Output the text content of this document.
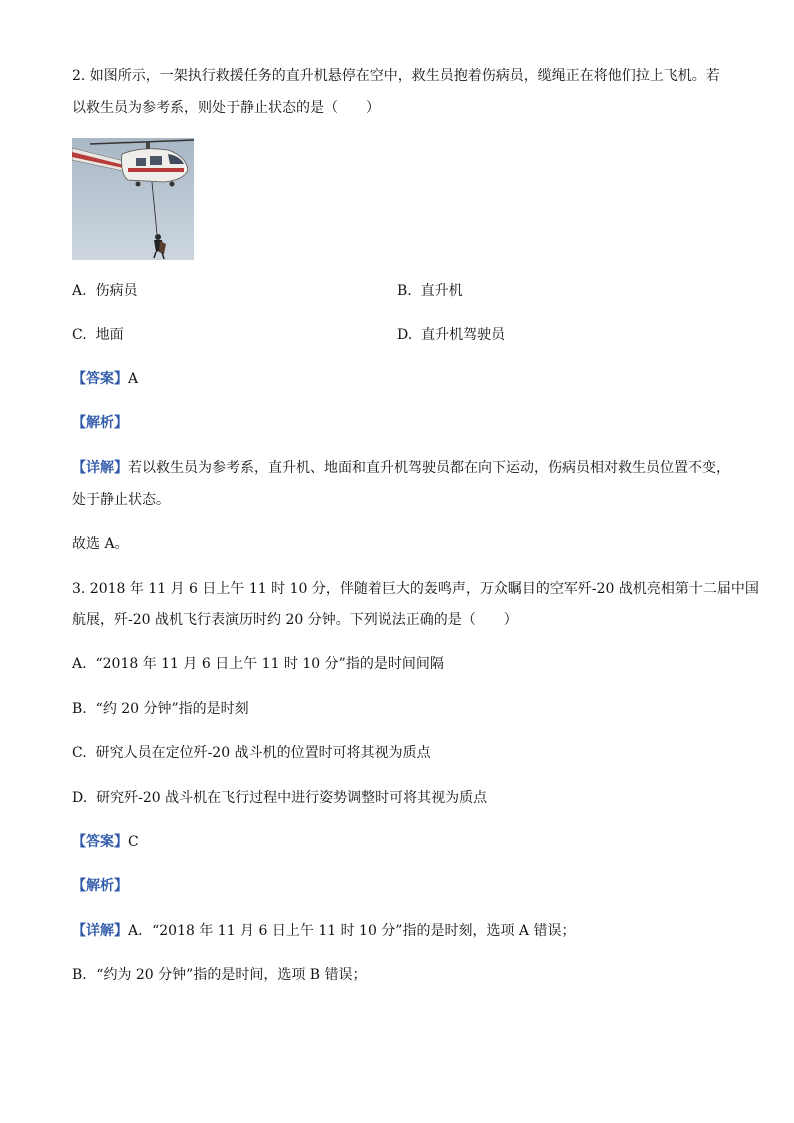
2. 如图所示，一架执行救援任务的直升机悬停在空中，救生员抱着伤病员，缆绳正在将他们拉上飞机。若
以救生员为参考系，则处于静止状态的是（　　）
A. 伤病员	B. 直升机
C. 地面	D. 直升机驾驶员
【答案】A
【解析】
【详解】若以救生员为参考系，直升机、地面和直升机驾驶员都在向下运动，伤病员相对救生员位置不变，
处于静止状态。
故选 A。
3. 2018 年 11 月 6 日上午 11 时 10 分，伴随着巨大的轰鸣声，万众瞩目的空军歼-20 战机亮相第十二届中国
航展，歼-20 战机飞行表演历时约 20 分钟。下列说法正确的是（　　）
A. “2018 年 11 月 6 日上午 11 时 10 分”指的是时间间隔
B. “约 20 分钟”指的是时刻
C. 研究人员在定位歼-20 战斗机的位置时可将其视为质点
D. 研究歼-20 战斗机在飞行过程中进行姿势调整时可将其视为质点
【答案】C
【解析】
【详解】A．“2018 年 11 月 6 日上午 11 时 10 分”指的是时刻，选项 A 错误；
B．“约为 20 分钟”指的是时间，选项 B 错误；
